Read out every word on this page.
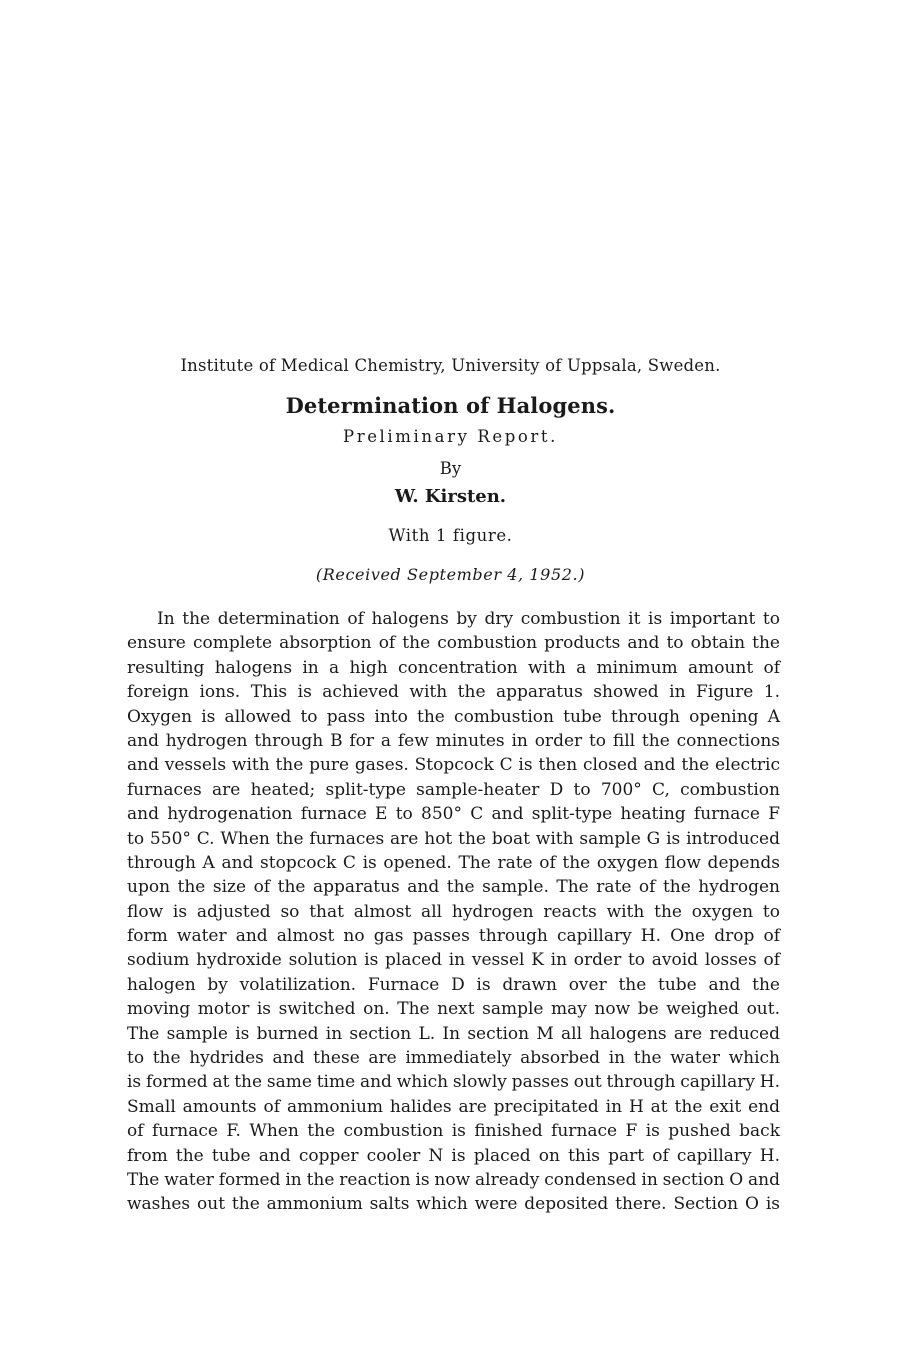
Institute of Medical Chemistry, University of Uppsala, Sweden.
Determination of Halogens.
Preliminary Report.
By
W. Kirsten.
With 1 figure.
(Received September 4, 1952.)
In the determination of halogens by dry combustion it is important to
ensure complete absorption of the combustion products and to obtain the
resulting halogens in a high concentration with a minimum amount of
foreign ions. This is achieved with the apparatus showed in Figure 1.
Oxygen is allowed to pass into the combustion tube through opening A
and hydrogen through B for a few minutes in order to fill the connections
and vessels with the pure gases. Stopcock C is then closed and the electric
furnaces are heated; split-type sample-heater D to 700° C, combustion
and hydrogenation furnace E to 850° C and split-type heating furnace F
to 550° C. When the furnaces are hot the boat with sample G is introduced
through A and stopcock C is opened. The rate of the oxygen flow depends
upon the size of the apparatus and the sample. The rate of the hydrogen
flow is adjusted so that almost all hydrogen reacts with the oxygen to
form water and almost no gas passes through capillary H. One drop of
sodium hydroxide solution is placed in vessel K in order to avoid losses of
halogen by volatilization. Furnace D is drawn over the tube and the
moving motor is switched on. The next sample may now be weighed out.
The sample is burned in section L. In section M all halogens are reduced
to the hydrides and these are immediately absorbed in the water which
is formed at the same time and which slowly passes out through capillary H.
Small amounts of ammonium halides are precipitated in H at the exit end
of furnace F. When the combustion is finished furnace F is pushed back
from the tube and copper cooler N is placed on this part of capillary H.
The water formed in the reaction is now already condensed in section O and
washes out the ammonium salts which were deposited there. Section O is
